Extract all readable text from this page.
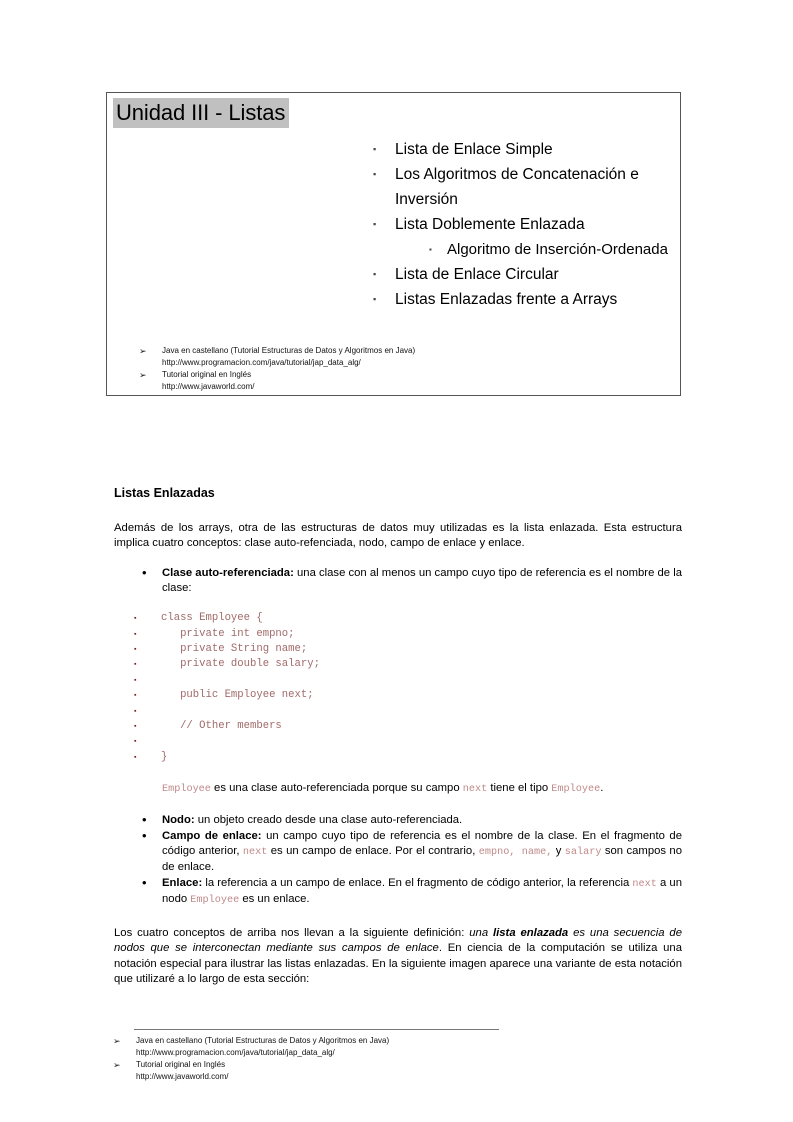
Unidad III - Listas
▪	Lista de Enlace Simple
▪	Los Algoritmos de Concatenación e Inversión
▪	Lista Doblemente Enlazada
▪	Algoritmo de Inserción-Ordenada
▪	Lista de Enlace Circular
▪	Listas Enlazadas frente a Arrays
➢	Java en castellano (Tutorial Estructuras de Datos y Algoritmos en Java)
http://www.programacion.com/java/tutorial/jap_data_alg/
➢	Tutorial original en Inglés
http://www.javaworld.com/
Listas Enlazadas

Además de los arrays, otra de las estructuras de datos muy utilizadas es la lista enlazada. Esta estructura implica cuatro conceptos: clase auto-refenciada, nodo, campo de enlace y enlace.

• Clase auto-referenciada: una clase con al menos un campo cuyo tipo de referencia es el nombre de la clase:
▪	class Employee {
▪	private int empno;
▪	private String name;
▪	private double salary;
▪
▪	public Employee next;
▪
▪	// Other members
▪
▪	}

Employee es una clase auto-referenciada porque su campo next tiene el tipo Employee.

• Nodo: un objeto creado desde una clase auto-referenciada.
• Campo de enlace: un campo cuyo tipo de referencia es el nombre de la clase. En el fragmento de código anterior, next es un campo de enlace. Por el contrario, empno, name, y salary son campos no de enlace.
• Enlace: la referencia a un campo de enlace. En el fragmento de código anterior, la referencia next a un nodo Employee es un enlace.

Los cuatro conceptos de arriba nos llevan a la siguiente definición: una lista enlazada es una secuencia de nodos que se interconectan mediante sus campos de enlace. En ciencia de la computación se utiliza una notación especial para ilustrar las listas enlazadas. En la siguiente imagen aparece una variante de esta notación que utilizaré a lo largo de esta sección:

➢	Java en castellano (Tutorial Estructuras de Datos y Algoritmos en Java)
http://www.programacion.com/java/tutorial/jap_data_alg/
➢	Tutorial original en Inglés
http://www.javaworld.com/
